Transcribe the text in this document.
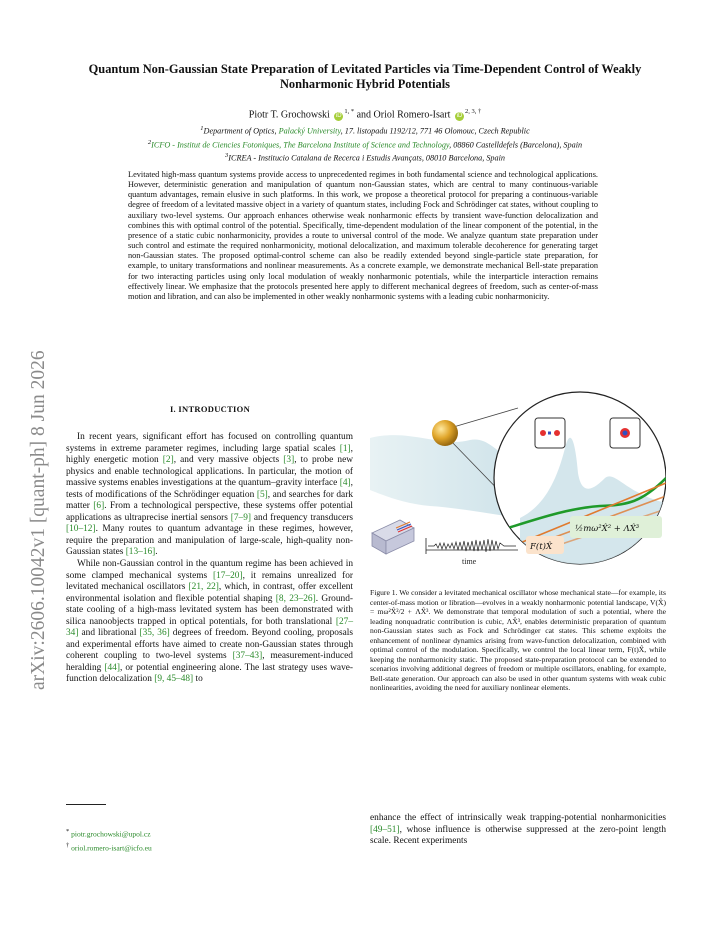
arXiv:2606.10042v1 [quant-ph] 8 Jun 2026
Quantum Non-Gaussian State Preparation of Levitated Particles via Time-Dependent Control of Weakly Nonharmonic Hybrid Potentials
Piotr T. Grochowski $iD^{1, *}$ and Oriol Romero-Isart $iD^{2, 3, \dagger}$
$^1$Department of Optics, Palacký University, 17. listopadu 1192/12, 771 46 Olomouc, Czech Republic
$^2$ICFO - Institut de Ciencies Fotoniques, The Barcelona Institute of Science and Technology, 08860 Castelldefels (Barcelona), Spain
$^3$ICREA - Institucio Catalana de Recerca i Estudis Avançats, 08010 Barcelona, Spain
Levitated high-mass quantum systems provide access to unprecedented regimes in both fundamental science and technological applications. However, deterministic generation and manipulation of quantum non-Gaussian states, which are central to many continuous-variable quantum advantages, remain elusive in such platforms. In this work, we propose a theoretical protocol for preparing a continuous-variable degree of freedom of a levitated massive object in a variety of quantum states, including Fock and Schrödinger cat states, without coupling to auxiliary two-level systems. Our approach enhances otherwise weak nonharmonic effects by transient wave-function delocalization and combines this with optimal control of the potential. Specifically, time-dependent modulation of the linear component of the potential, in the presence of a static cubic nonharmonicity, provides a route to universal control of the mode. We analyze quantum state preparation under such control and estimate the required nonharmonicity, motional delocalization, and maximum tolerable decoherence for generating target non-Gaussian states. The proposed optimal-control scheme can also be readily extended beyond single-particle state preparation, for example, to unitary transformations and nonlinear measurements. As a concrete example, we demonstrate mechanical Bell-state preparation for two interacting particles using only local modulation of weakly nonharmonic potentials, while the interparticle interaction remains effectively linear. We emphasize that the protocols presented here apply to different mechanical degrees of freedom, such as center-of-mass motion and libration, and can also be implemented in other weakly nonharmonic systems with a leading cubic nonharmonicity.
I. INTRODUCTION

In recent years, significant effort has focused on controlling quantum systems in extreme parameter regimes, including large spatial scales [1], highly energetic motion [2], and very massive objects [3], to probe new physics and enable technological applications. In particular, the motion of massive systems enables investigations at the quantum–gravity interface [4], tests of modifications of the Schrödinger equation [5], and searches for dark matter [6]. From a technological perspective, these systems offer potential applications as ultraprecise inertial sensors [7–9] and frequency transducers [10–12]. Many routes to quantum advantage in these regimes, however, require the preparation and manipulation of large-scale, high-quality non-Gaussian states [13–16].

While non-Gaussian control in the quantum regime has been achieved in some clamped mechanical systems [17–20], it remains unrealized for levitated mechanical oscillators [21, 22], which, in contrast, offer excellent environmental isolation and flexible potential shaping [8, 23–26]. Ground-state cooling of a high-mass levitated system has been demonstrated with silica nanoobjects trapped in optical potentials, for both translational [27–34] and librational [35, 36] degrees of freedom. Beyond cooling, proposals and experimental efforts have aimed to create non-Gaussian states through coherent coupling to two-level systems [37–43], measurement-induced heralding [44], or potential engineering alone. The last strategy uses wave-function delocalization [9, 45–48] to

* piotr.grochowski@upol.cz
† oriol.romero-isart@icfo.eu
½mω²X̂² + ΛX̂³
F(t)X̂
time
Figure 1. We consider a levitated mechanical oscillator whose mechanical state—for example, its center-of-mass motion or libration—evolves in a weakly nonharmonic potential landscape, V(X̂) = mω²X̂²/2 + ΛX̂³. We demonstrate that temporal modulation of such a potential, where the leading nonquadratic contribution is cubic, ΛX̂³, enables deterministic preparation of quantum non-Gaussian states such as Fock and Schrödinger cat states. This scheme exploits the enhancement of nonlinear dynamics arising from wave-function delocalization, combined with optimal control of the modulation. Specifically, we control the local linear term, F(t)X̂, while keeping the nonharmonicity static. The proposed state-preparation protocol can be extended to scenarios involving additional degrees of freedom or multiple oscillators, enabling, for example, Bell-state generation. Our approach can also be used in other quantum systems with weak cubic nonlinearities, avoiding the need for auxiliary nonlinear elements.
enhance the effect of intrinsically weak trapping-potential nonharmonicities [49–51], whose influence is otherwise suppressed at the zero-point length scale. Recent experiments
